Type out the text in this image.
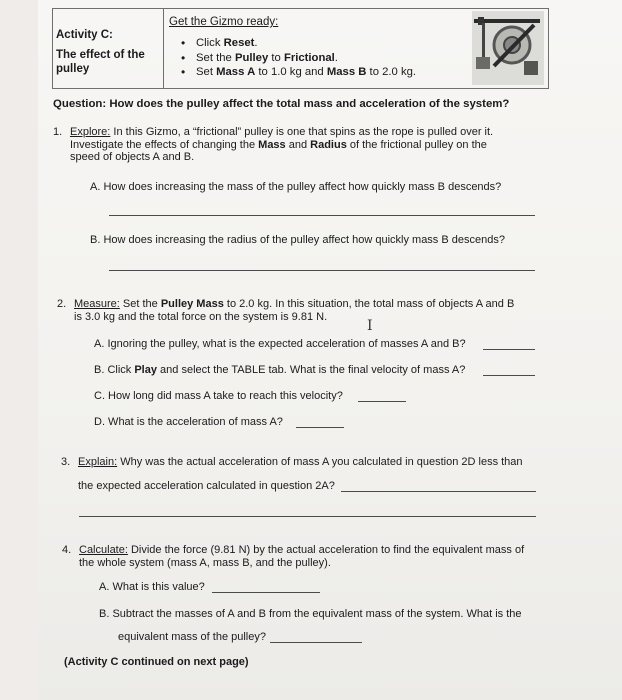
Activity C:
The effect of the pulley
Get the Gizmo ready:
• Click Reset.
• Set the Pulley to Frictional.
• Set Mass A to 1.0 kg and Mass B to 2.0 kg.
Question: How does the pulley affect the total mass and acceleration of the system?
1. Explore: In this Gizmo, a “frictional” pulley is one that spins as the rope is pulled over it.
Investigate the effects of changing the Mass and Radius of the frictional pulley on the
speed of objects A and B.
A. How does increasing the mass of the pulley affect how quickly mass B descends?
B. How does increasing the radius of the pulley affect how quickly mass B descends?
2. Measure: Set the Pulley Mass to 2.0 kg. In this situation, the total mass of objects A and B
is 3.0 kg and the total force on the system is 9.81 N.
I
A. Ignoring the pulley, what is the expected acceleration of masses A and B?
B. Click Play and select the TABLE tab. What is the final velocity of mass A?
C. How long did mass A take to reach this velocity?
D. What is the acceleration of mass A?
3. Explain: Why was the actual acceleration of mass A you calculated in question 2D less than
the expected acceleration calculated in question 2A?
4. Calculate: Divide the force (9.81 N) by the actual acceleration to find the equivalent mass of
the whole system (mass A, mass B, and the pulley).
A. What is this value?
B. Subtract the masses of A and B from the equivalent mass of the system. What is the
equivalent mass of the pulley?
(Activity C continued on next page)
